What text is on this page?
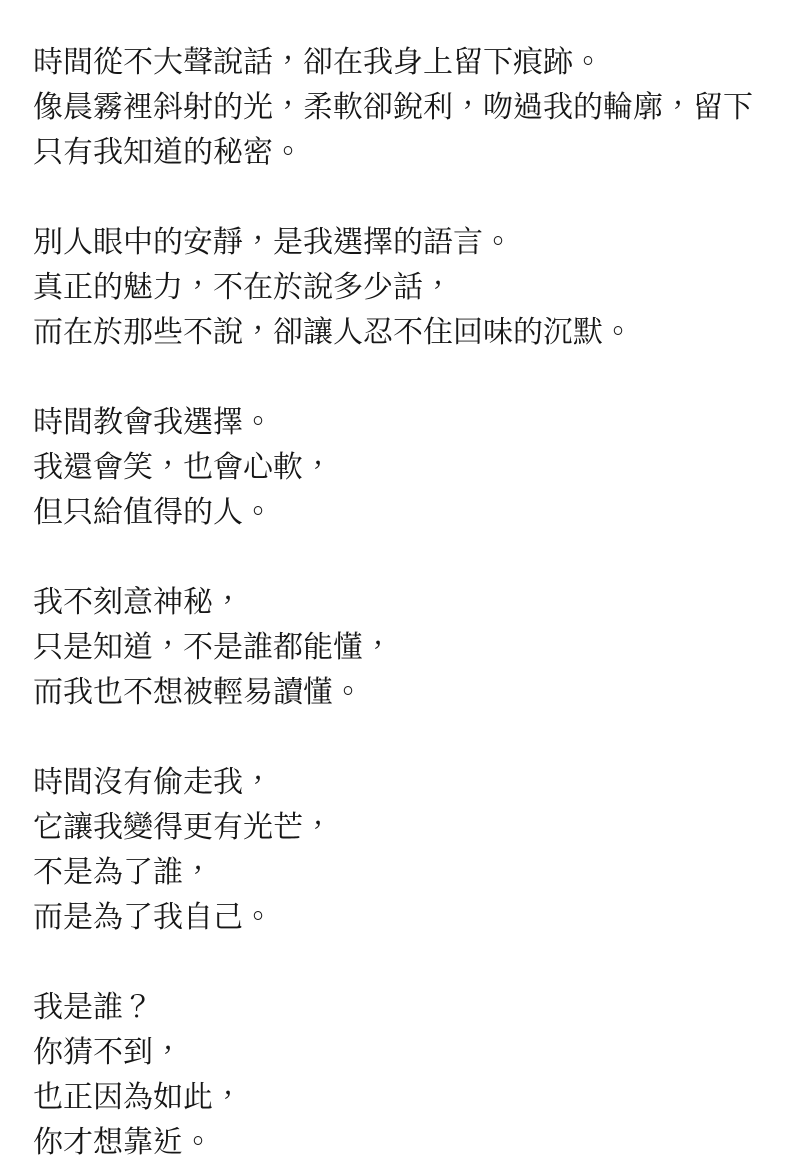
時間從不大聲說話，卻在我身上留下痕跡。

像晨霧裡斜射的光，柔軟卻銳利，吻過我的輪廓，留下

只有我知道的秘密。

別人眼中的安靜，是我選擇的語言。

真正的魅力，不在於說多少話，

而在於那些不說，卻讓人忍不住回味的沉默。

時間教會我選擇。

我還會笑，也會心軟，

但只給值得的人。

我不刻意神秘，

只是知道，不是誰都能懂，

而我也不想被輕易讀懂。

時間沒有偷走我，

它讓我變得更有光芒，

不是為了誰，

而是為了我自己。

我是誰？

你猜不到，

也正因為如此，

你才想靠近。
